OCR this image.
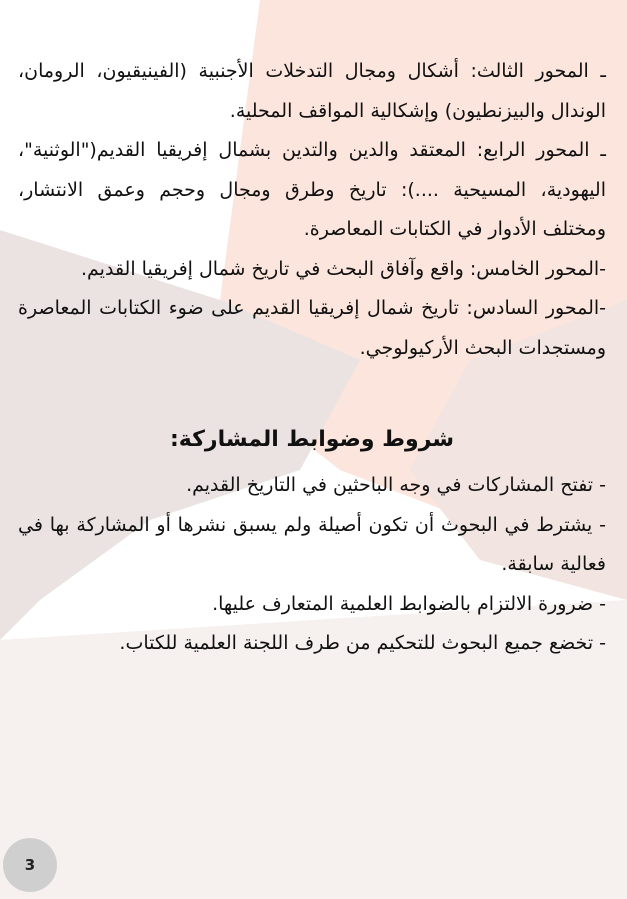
ـ المحور الثالث: أشكال ومجال التدخلات الأجنبية (الفينيقيون، الرومان، الوندال والبيزنطيون) وإشكالية المواقف المحلية.

ـ المحور الرابع: المعتقد والدين والتدين بشمال إفريقيا القديم("الوثنية"، اليهودية، المسيحية ....): تاريخ وطرق ومجال وحجم وعمق الانتشار، ومختلف الأدوار في الكتابات المعاصرة.

-المحور الخامس: واقع وآفاق البحث في تاريخ شمال إفريقيا القديم.

-المحور السادس: تاريخ شمال إفريقيا القديم على ضوء الكتابات المعاصرة ومستجدات البحث الأركيولوجي.

شروط وضوابط المشاركة:

- تفتح المشاركات في وجه الباحثين في التاريخ القديم.

- يشترط في البحوث أن تكون أصيلة ولم يسبق نشرها أو المشاركة بها في فعالية سابقة.

- ضرورة الالتزام بالضوابط العلمية المتعارف عليها.

- تخضع جميع البحوث للتحكيم من طرف اللجنة العلمية للكتاب.

3
